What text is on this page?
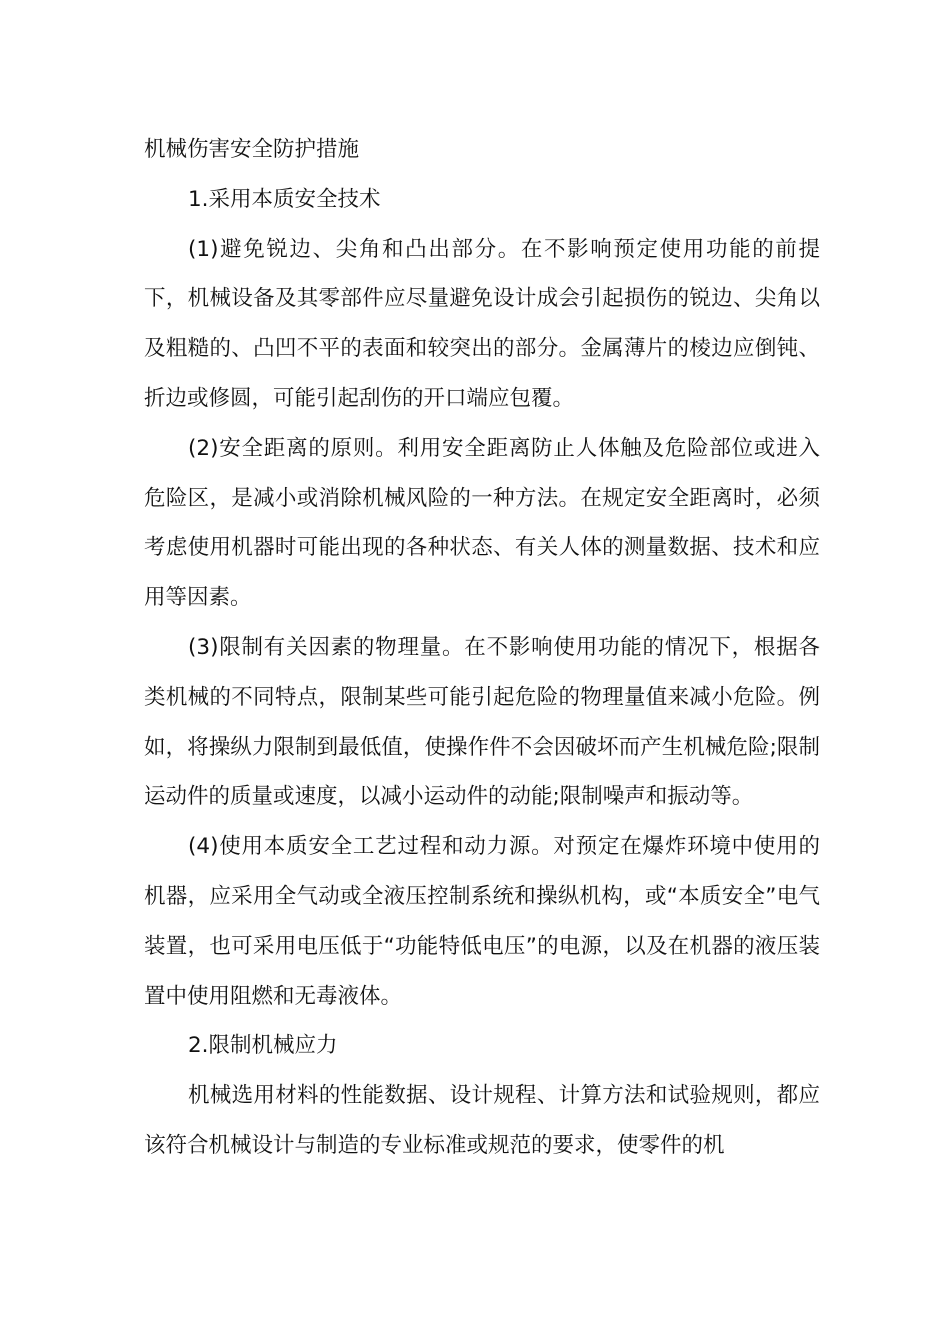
机械伤害安全防护措施

1.采用本质安全技术

(1)避免锐边、尖角和凸出部分。在不影响预定使用功能的前提下，机械设备及其零部件应尽量避免设计成会引起损伤的锐边、尖角以及粗糙的、凸凹不平的表面和较突出的部分。金属薄片的棱边应倒钝、折边或修圆，可能引起刮伤的开口端应包覆。

(2)安全距离的原则。利用安全距离防止人体触及危险部位或进入危险区，是减小或消除机械风险的一种方法。在规定安全距离时，必须考虑使用机器时可能出现的各种状态、有关人体的测量数据、技术和应用等因素。

(3)限制有关因素的物理量。在不影响使用功能的情况下，根据各类机械的不同特点，限制某些可能引起危险的物理量值来减小危险。例如，将操纵力限制到最低值，使操作件不会因破坏而产生机械危险;限制运动件的质量或速度，以减小运动件的动能;限制噪声和振动等。

(4)使用本质安全工艺过程和动力源。对预定在爆炸环境中使用的机器，应采用全气动或全液压控制系统和操纵机构，或“本质安全”电气装置，也可采用电压低于“功能特低电压”的电源，以及在机器的液压装置中使用阻燃和无毒液体。

2.限制机械应力

机械选用材料的性能数据、设计规程、计算方法和试验规则，都应该符合机械设计与制造的专业标准或规范的要求，使零件的机
